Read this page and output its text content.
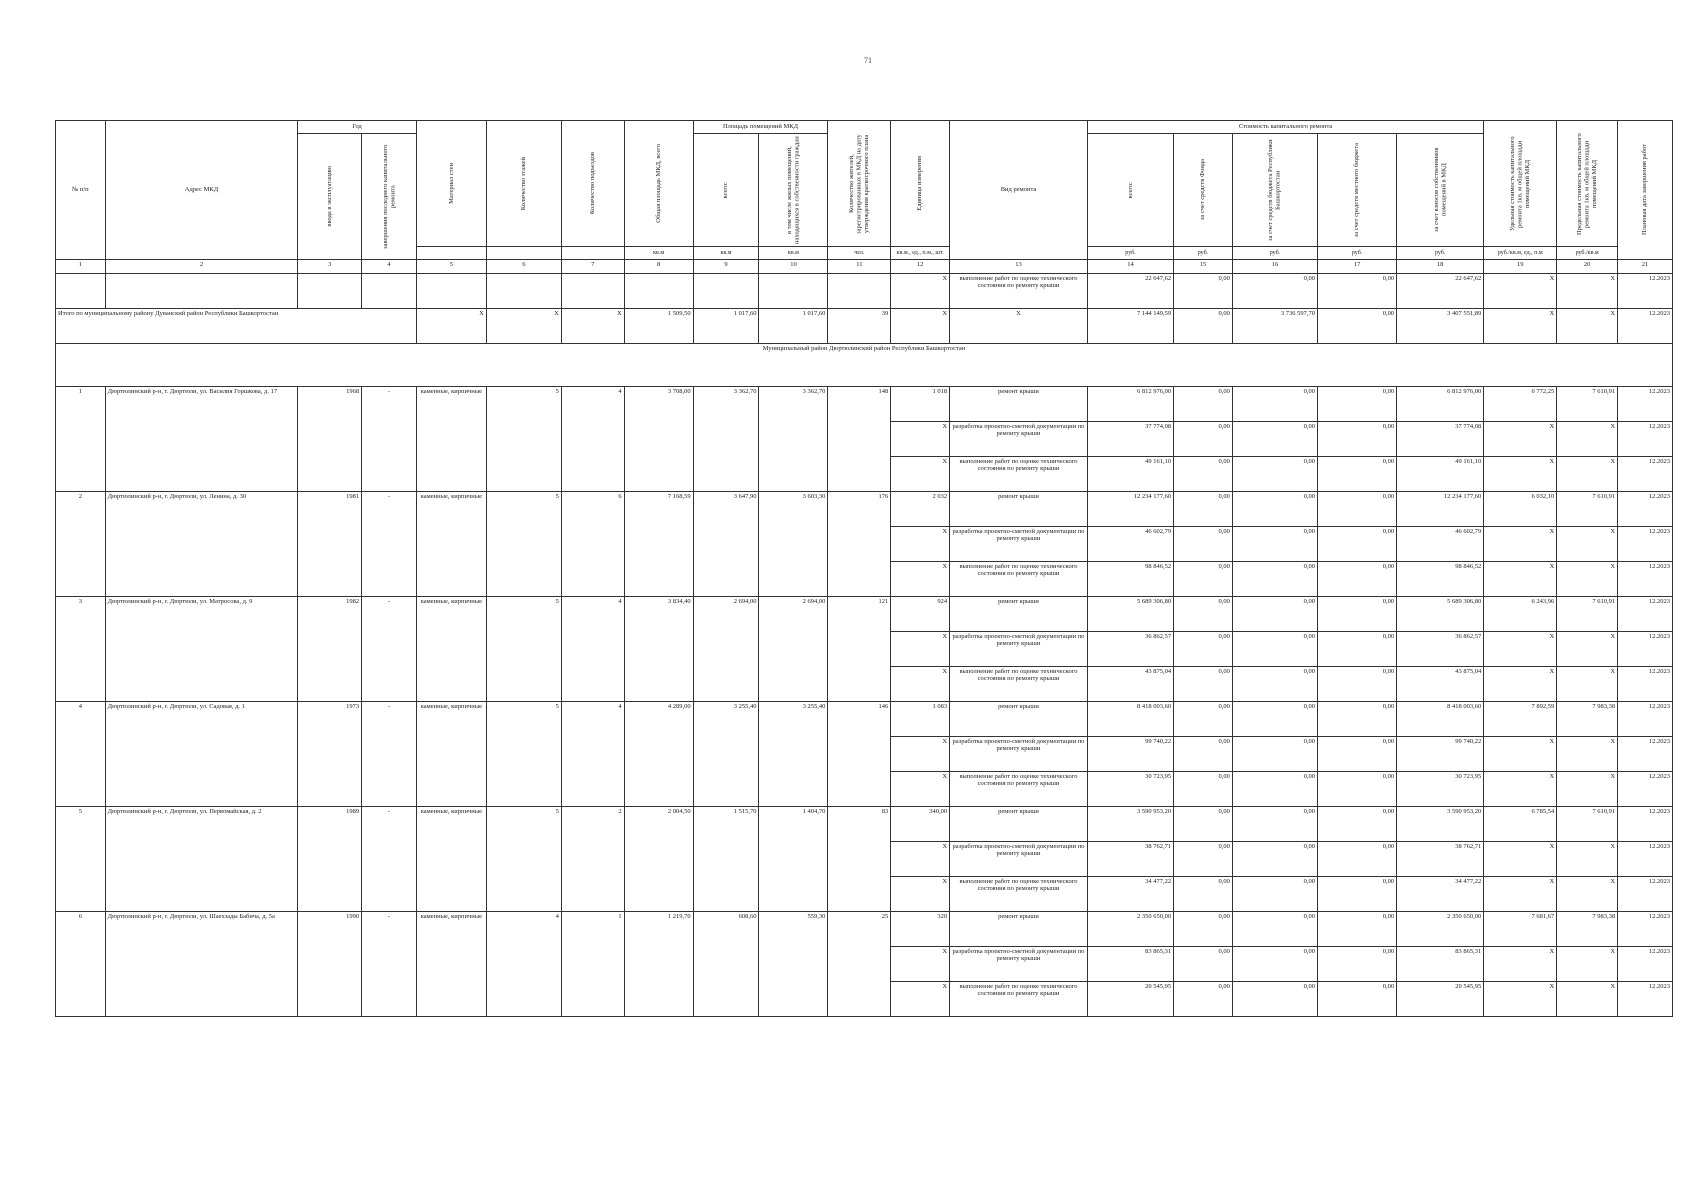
71
№ п/п	Адрес МКД	Год		Материал стен	Количество этажей	Количество подъездов	Общая площадь МКД, всего	Площадь помещений МКД		Количество жителей, зарегистрированных в МКД на дату утверждения краткосрочного плана	Единица измерения	Вид ремонта	Стоимость капитального ремонта					Удельная стоимость капитального ремонта 1кв. м общей площади помещений МКД	Предельная стоимость капитального ремонта 1кв. м общей площади помещений МКД	Плановая дата завершения работ

		ввода в эксплуатацию	завершения последнего капитального ремонта					всего:	в том числе жилых помещений, находящихся в собственности граждан				всего:	за счет средств Фонда	за счет средств бюджета Республики Башкортостан	за счет средств местного бюджета	за счет взносов собственников помещений в МКД			

							кв.м	кв.м	кв.м	чел.	кв.м., ед., п.м., шт.		руб.	руб.	руб.	руб.	руб.	руб./кв.м, ед., п.м	руб./кв.м	
1	2	3	4	5	6	7	8	9	10	11	12	13	14	15	16	17	18	19	20	21
											X	выполнение работ по оценке технического состояния по ремонту крыши	22 647,62	0,00	0,00	0,00	22 647,62	X	X	12.2023
Итого по муниципальному району Дуванский район Республики Башкортостан				X	X	X	1 509,50	1 017,60	1 017,60	39	X	X	7 144 149,59	0,00	3 736 597,70	0,00	3 407 551,89	X	X	12.2023
Муниципальный район Дюртюлинский район Республики Башкортостан																				
1	Дюртюлинский р-н, г. Дюртюли, ул. Василия Горшкова, д. 17	1968	-	каменные, кирпичные	5	4	3 708,00	3 362,70	3 362,70	148	1 018	ремонт крыши	6 812 976,00	0,00	0,00	0,00	6 812 976,00	6 772,25	7 610,91	12.2023
											X	разработка проектно-сметной документации по ремонту крыши	37 774,08	0,00	0,00	0,00	37 774,08	X	X	12.2023
											X	выполнение работ по оценке технического состояния по ремонту крыши	49 161,10	0,00	0,00	0,00	49 161,10	X	X	12.2023
2	Дюртюлинский р-н, г. Дюртюли, ул. Ленина, д. 30	1981	-	каменные, кирпичные	5	6	7 168,59	3 647,90	3 603,30	176	2 032	ремонт крыши	12 234 177,60	0,00	0,00	0,00	12 234 177,60	6 032,10	7 610,91	12.2023
											X	разработка проектно-сметной документации по ремонту крыши	46 602,79	0,00	0,00	0,00	46 602,79	X	X	12.2023
											X	выполнение работ по оценке технического состояния по ремонту крыши	98 846,52	0,00	0,00	0,00	98 846,52	X	X	12.2023
3	Дюртюлинский р-н, г. Дюртюли, ул. Матросова, д. 9	1982	-	каменные, кирпичные	5	4	3 834,40	2 694,00	2 694,00	121	924	ремонт крыши	5 689 306,80	0,00	0,00	0,00	5 689 306,80	6 243,96	7 610,91	12.2023
											X	разработка проектно-сметной документации по ремонту крыши	36 862,57	0,00	0,00	0,00	36 862,57	X	X	12.2023
											X	выполнение работ по оценке технического состояния по ремонту крыши	43 875,04	0,00	0,00	0,00	43 875,04	X	X	12.2023
4	Дюртюлинский р-н, г. Дюртюли, ул. Садовая, д. 1	1973	-	каменные, кирпичные	5	4	4 289,00	3 255,40	3 255,40	146	1 083	ремонт крыши	8 418 003,60	0,00	0,00	0,00	8 418 003,60	7 892,59	7 983,38	12.2023
											X	разработка проектно-сметной документации по ремонту крыши	99 740,22	0,00	0,00	0,00	99 740,22	X	X	12.2023
											X	выполнение работ по оценке технического состояния по ремонту крыши	30 723,95	0,00	0,00	0,00	30 723,95	X	X	12.2023
5	Дюртюлинский р-н, г. Дюртюли, ул. Первомайская, д. 2	1989	-	каменные, кирпичные	5	2	2 004,50	1 515,70	1 404,70	83	340,00	ремонт крыши	3 590 953,20	0,00	0,00	0,00	3 590 953,20	6 785,54	7 610,91	12.2023
											X	разработка проектно-сметной документации по ремонту крыши	38 762,71	0,00	0,00	0,00	38 762,71	X	X	12.2023
											X	выполнение работ по оценке технического состояния по ремонту крыши	34 477,22	0,00	0,00	0,00	34 477,22	X	X	12.2023
6	Дюртюлинский р-н, г. Дюртюли, ул. Шаехзады Бабича, д. 5а	1990	-	каменные, кирпичные	4	1	1 219,70	608,60	559,30	25	320	ремонт крыши	2 350 650,00	0,00	0,00	0,00	2 350 650,00	7 681,67	7 983,38	12.2023
											X	разработка проектно-сметной документации по ремонту крыши	83 865,31	0,00	0,00	0,00	83 865,31	X	X	12.2023
											X	выполнение работ по оценке технического состояния по ремонту крыши	20 545,95	0,00	0,00	0,00	20 545,95	X	X	12.2023
